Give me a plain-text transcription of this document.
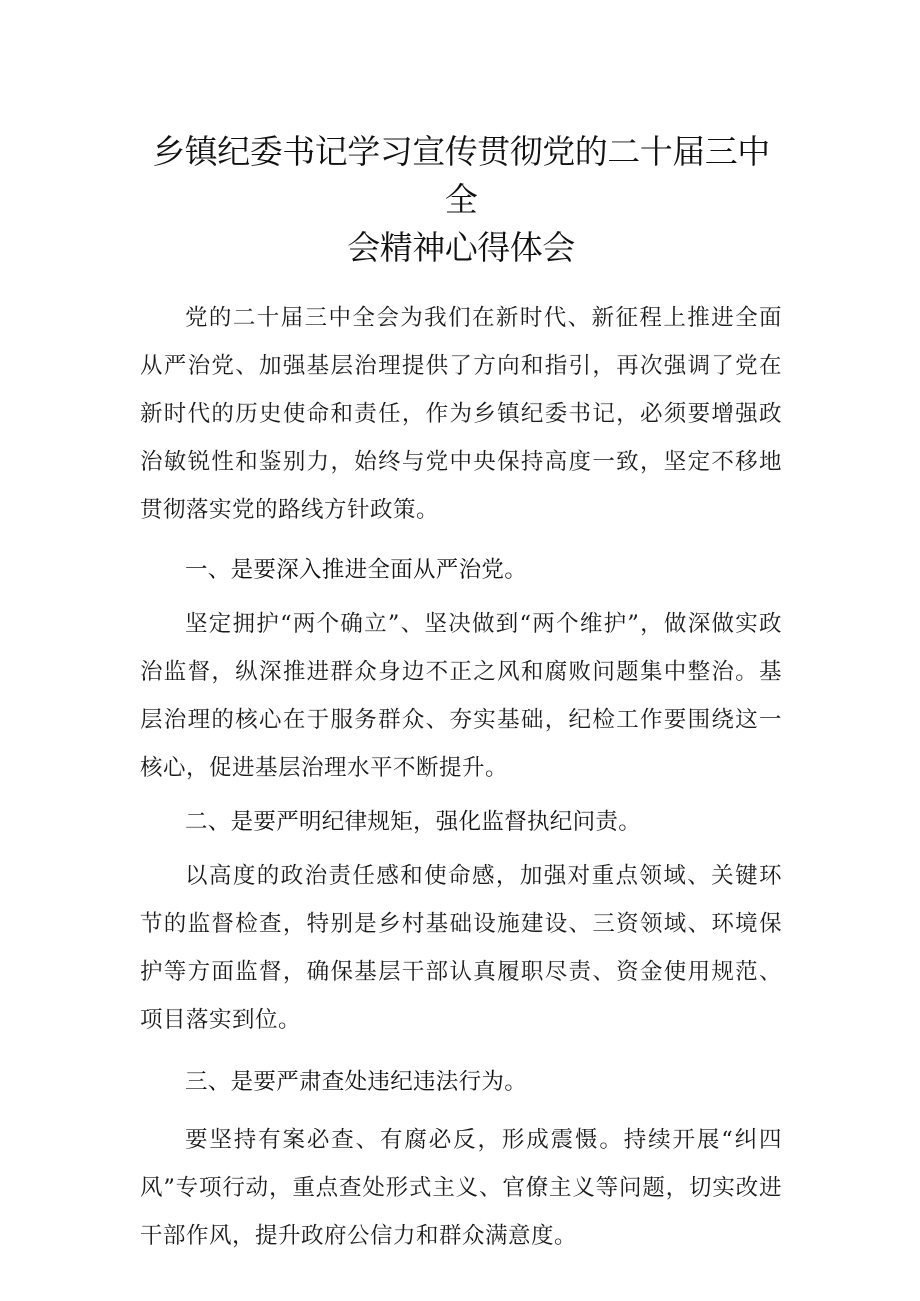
乡镇纪委书记学习宣传贯彻党的二十届三中全
会精神心得体会

党的二十届三中全会为我们在新时代、新征程上推进全面从严治党、加强基层治理提供了方向和指引，再次强调了党在新时代的历史使命和责任，作为乡镇纪委书记，必须要增强政治敏锐性和鉴别力，始终与党中央保持高度一致，坚定不移地贯彻落实党的路线方针政策。

一、是要深入推进全面从严治党。

坚定拥护“两个确立”、坚决做到“两个维护”，做深做实政治监督，纵深推进群众身边不正之风和腐败问题集中整治。基层治理的核心在于服务群众、夯实基础，纪检工作要围绕这一核心，促进基层治理水平不断提升。

二、是要严明纪律规矩，强化监督执纪问责。

以高度的政治责任感和使命感，加强对重点领域、关键环节的监督检查，特别是乡村基础设施建设、三资领域、环境保护等方面监督，确保基层干部认真履职尽责、资金使用规范、项目落实到位。

三、是要严肃查处违纪违法行为。

要坚持有案必查、有腐必反，形成震慑。持续开展“纠四风”专项行动，重点查处形式主义、官僚主义等问题，切实改进干部作风，提升政府公信力和群众满意度。
